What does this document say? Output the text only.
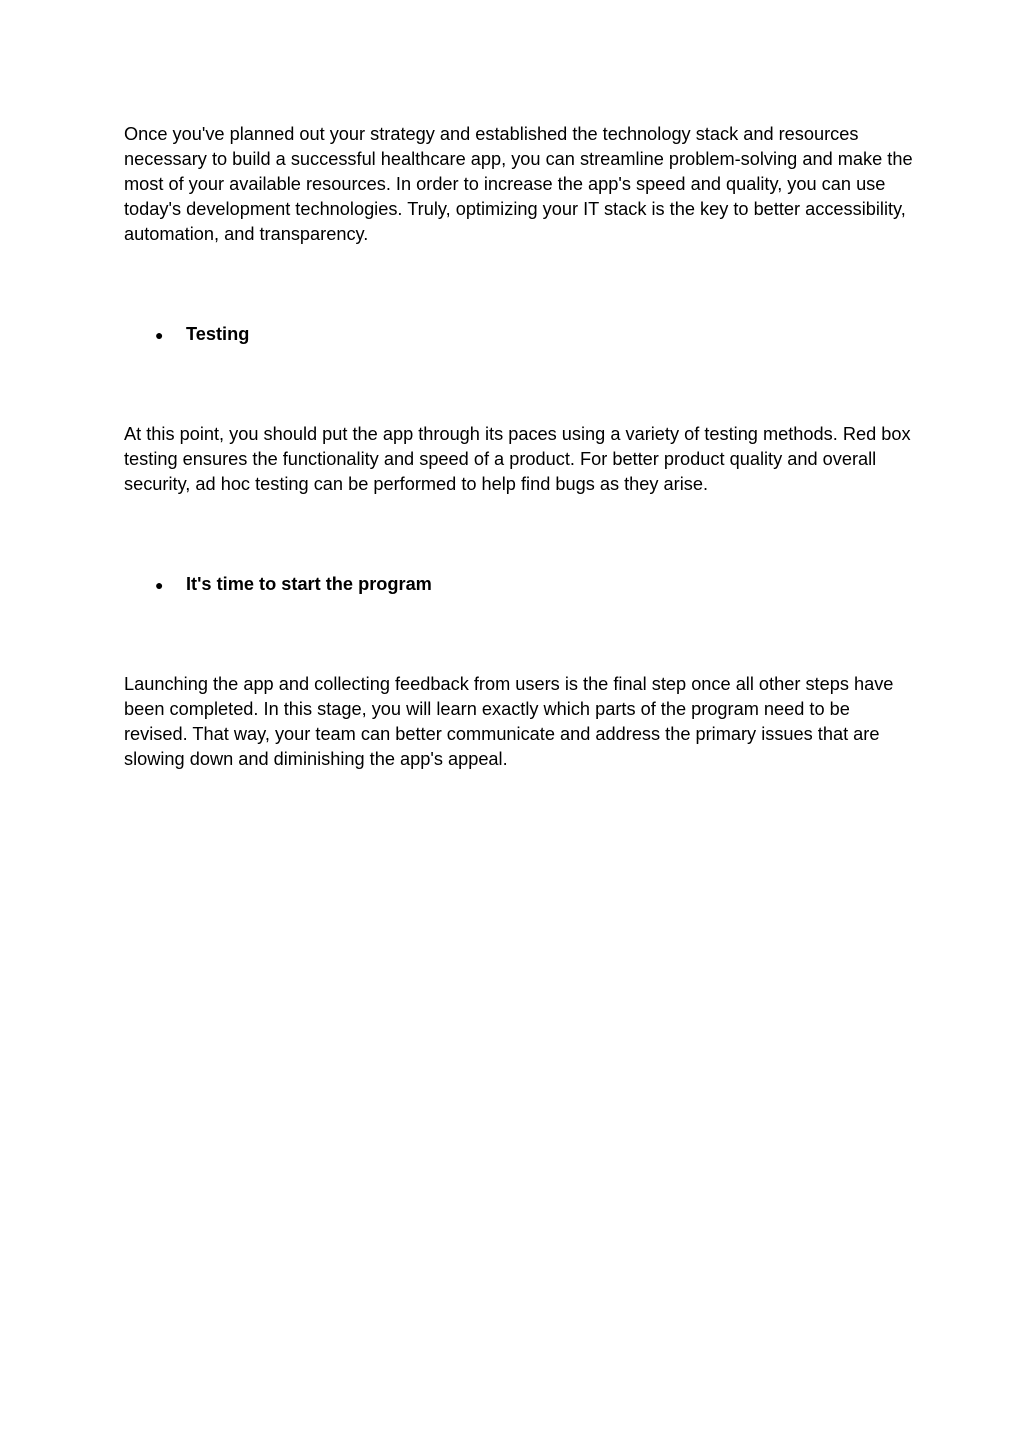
Once you've planned out your strategy and established the technology stack and resources necessary to build a successful healthcare app, you can streamline problem-solving and make the most of your available resources. In order to increase the app's speed and quality, you can use today's development technologies. Truly, optimizing your IT stack is the key to better accessibility, automation, and transparency.

●	Testing

At this point, you should put the app through its paces using a variety of testing methods. Red box testing ensures the functionality and speed of a product. For better product quality and overall security, ad hoc testing can be performed to help find bugs as they arise.

●	It's time to start the program

Launching the app and collecting feedback from users is the final step once all other steps have been completed. In this stage, you will learn exactly which parts of the program need to be revised. That way, your team can better communicate and address the primary issues that are slowing down and diminishing the app's appeal.
